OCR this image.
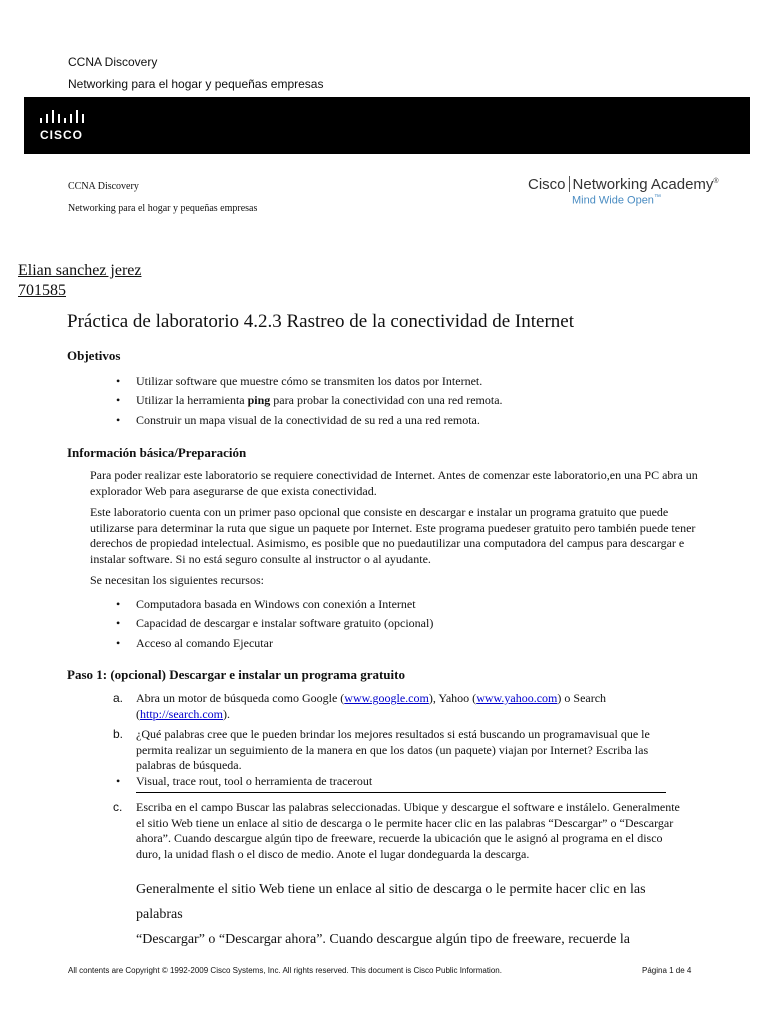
CCNA Discovery
Networking para el hogar y pequeñas empresas
CISCO
CCNA Discovery
Networking para el hogar y pequeñas empresas
Cisco Networking Academy®
Mind Wide Open™
Elian sanchez jerez
701585
Práctica de laboratorio 4.2.3 Rastreo de la conectividad de Internet
Objetivos
• Utilizar software que muestre cómo se transmiten los datos por Internet.
• Utilizar la herramienta ping para probar la conectividad con una red remota.
• Construir un mapa visual de la conectividad de su red a una red remota.
Información básica/Preparación
Para poder realizar este laboratorio se requiere conectividad de Internet. Antes de comenzar este laboratorio,en una PC abra un explorador Web para asegurarse de que exista conectividad.
Este laboratorio cuenta con un primer paso opcional que consiste en descargar e instalar un programa gratuito que puede utilizarse para determinar la ruta que sigue un paquete por Internet. Este programa puedeser gratuito pero también puede tener derechos de propiedad intelectual. Asimismo, es posible que no puedautilizar una computadora del campus para descargar e instalar software. Si no está seguro consulte al instructor o al ayudante.
Se necesitan los siguientes recursos:
• Computadora basada en Windows con conexión a Internet
• Capacidad de descargar e instalar software gratuito (opcional)
• Acceso al comando Ejecutar
Paso 1: (opcional) Descargar e instalar un programa gratuito
a. Abra un motor de búsqueda como Google (www.google.com), Yahoo (www.yahoo.com) o Search (http://search.com).
b. ¿Qué palabras cree que le pueden brindar los mejores resultados si está buscando un programavisual que le permita realizar un seguimiento de la manera en que los datos (un paquete) viajan por Internet? Escriba las palabras de búsqueda.
• Visual, trace rout, tool o herramienta de tracerout
c. Escriba en el campo Buscar las palabras seleccionadas. Ubique y descargue el software e instálelo. Generalmente el sitio Web tiene un enlace al sitio de descarga o le permite hacer clic en las palabras “Descargar” o “Descargar ahora”. Cuando descargue algún tipo de freeware, recuerde la ubicación que le asignó al programa en el disco duro, la unidad flash o el disco de medio. Anote el lugar dondeguarda la descarga.
Generalmente el sitio Web tiene un enlace al sitio de descarga o le permite hacer clic en las
palabras
“Descargar” o “Descargar ahora”. Cuando descargue algún tipo de freeware, recuerde la
All contents are Copyright © 1992-2009 Cisco Systems, Inc. All rights reserved. This document is Cisco Public Information.	Página 1 de 4
